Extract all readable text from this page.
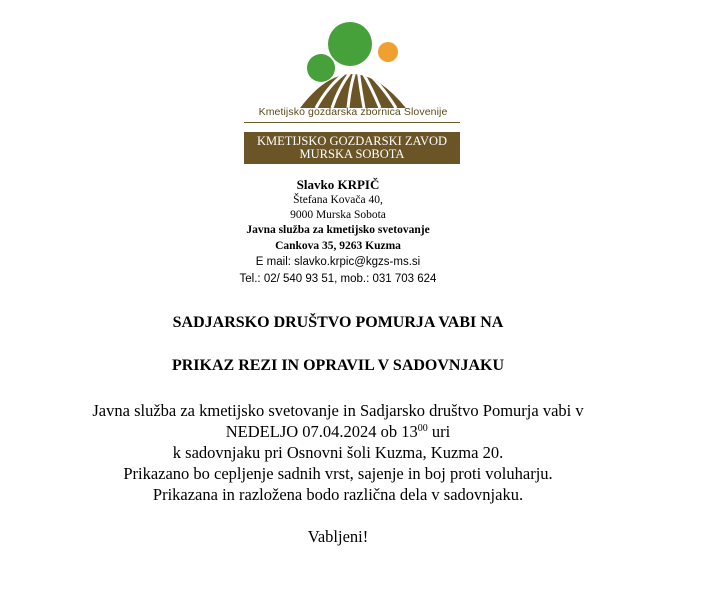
Kmetijsko gozdarska zbornica Slovenije
KMETIJSKO GOZDARSKI ZAVOD
MURSKA SOBOTA
Slavko KRPIČ
Štefana Kovača 40,
9000 Murska Sobota
Javna služba za kmetijsko svetovanje
Cankova 35, 9263 Kuzma
E mail: slavko.krpic@kgzs-ms.si
Tel.: 02/ 540 93 51, mob.: 031 703 624
SADJARSKO DRUŠTVO POMURJA VABI NA
PRIKAZ REZI IN OPRAVIL V SADOVNJAKU
Javna služba za kmetijsko svetovanje in Sadjarsko društvo Pomurja vabi v
NEDELJO 07.04.2024 ob $13^{00}$ uri
k sadovnjaku pri Osnovni šoli Kuzma, Kuzma 20.
Prikazano bo cepljenje sadnih vrst, sajenje in boj proti voluharju.
Prikazana in razložena bodo različna dela v sadovnjaku.
Vabljeni!
